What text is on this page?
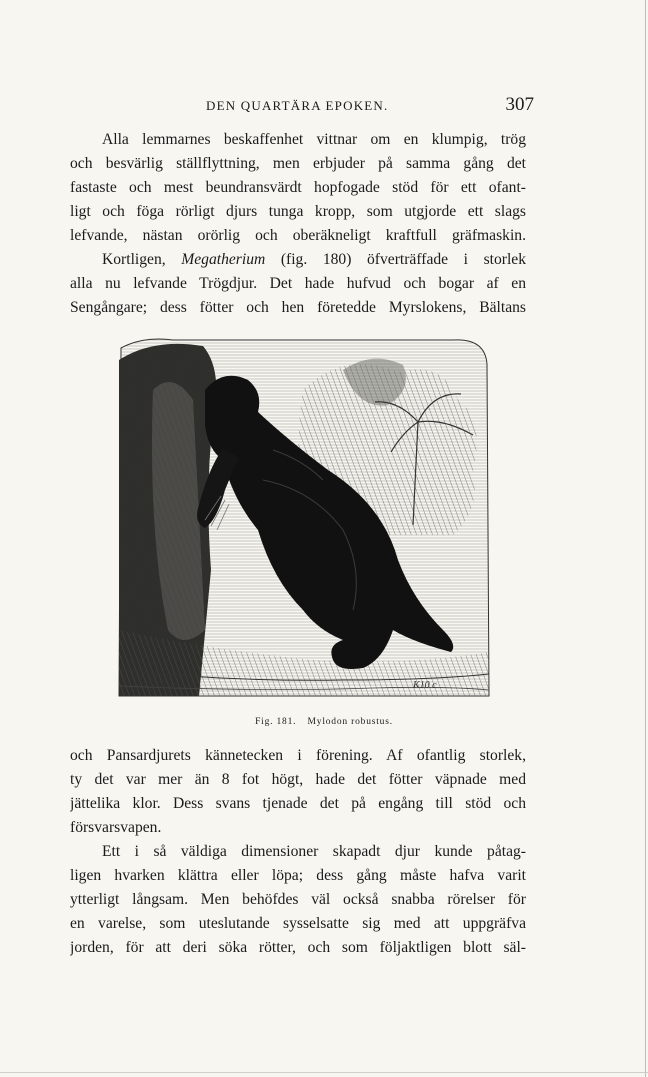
DEN QUARTÄRA EPOKEN.	307
Alla lemmarnes beskaffenhet vittnar om en klumpig, trög
och besvärlig ställflyttning, men erbjuder på samma gång det
fastaste och mest beundransvärdt hopfogade stöd för ett ofant-
ligt och föga rörligt djurs tunga kropp, som utgjorde ett slags
lefvande, nästan orörlig och oberäkneligt kraftfull gräfmaskin.
Kortligen, Megatherium (fig. 180) öfverträffade i storlek
alla nu lefvande Trögdjur. Det hade hufvud och bogar af en
Sengångare; dess fötter och hen företedde Myrslokens, Bältans
Schlen	K10 c
Fig. 181. Mylodon robustus.
och Pansardjurets kännetecken i förening. Af ofantlig storlek,
ty det var mer än 8 fot högt, hade det fötter väpnade med
jättelika klor. Dess svans tjenade det på engång till stöd och
försvarsvapen.
Ett i så väldiga dimensioner skapadt djur kunde påtag-
ligen hvarken klättra eller löpa; dess gång måste hafva varit
ytterligt långsam. Men behöfdes väl också snabba rörelser för
en varelse, som uteslutande sysselsatte sig med att uppgräfva
jorden, för att deri söka rötter, och som följaktligen blott säl-
